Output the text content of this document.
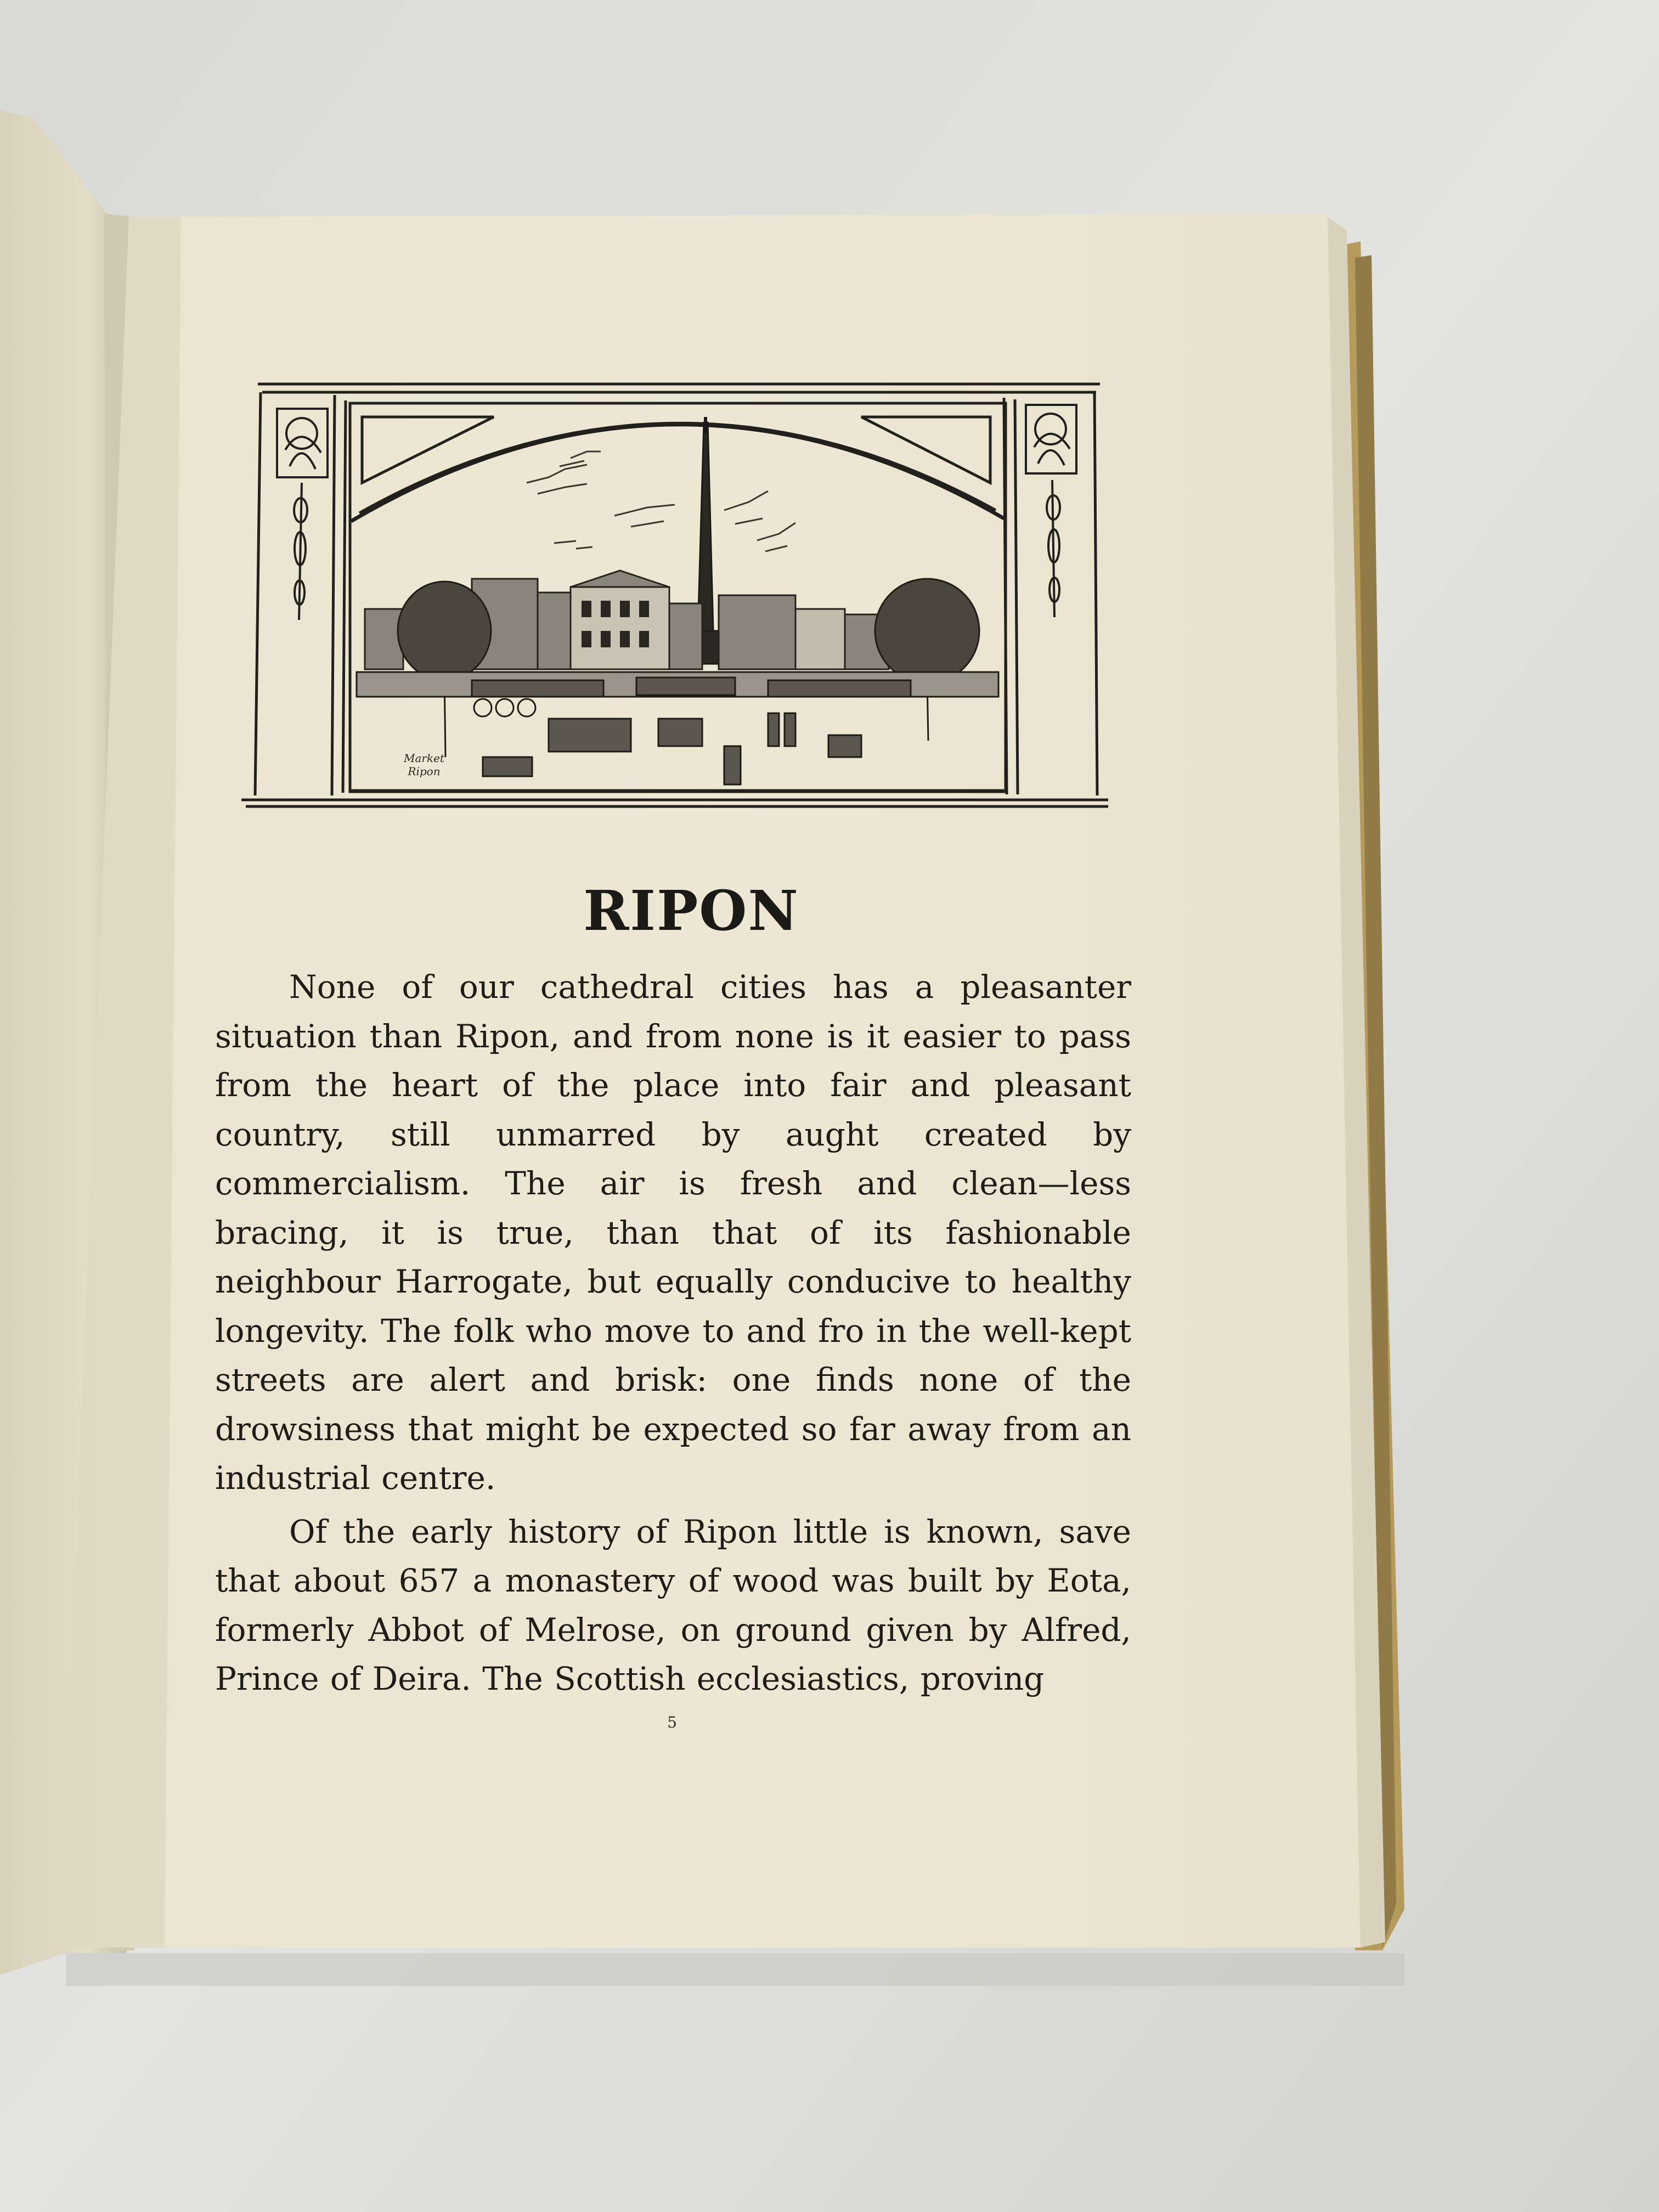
Market Ripon
RIPON

None of our cathedral cities has a pleasanter situation than Ripon, and from none is it easier to pass from the heart of the place into fair and pleasant country, still unmarred by aught created by commercialism. The air is fresh and clean—less bracing, it is true, than that of its fashionable neighbour Harrogate, but equally conducive to healthy longevity. The folk who move to and fro in the well-kept streets are alert and brisk: one finds none of the drowsiness that might be expected so far away from an industrial centre.

Of the early history of Ripon little is known, save that about 657 a monastery of wood was built by Eota, formerly Abbot of Melrose, on ground given by Alfred, Prince of Deira. The Scottish ecclesiastics, proving

5
